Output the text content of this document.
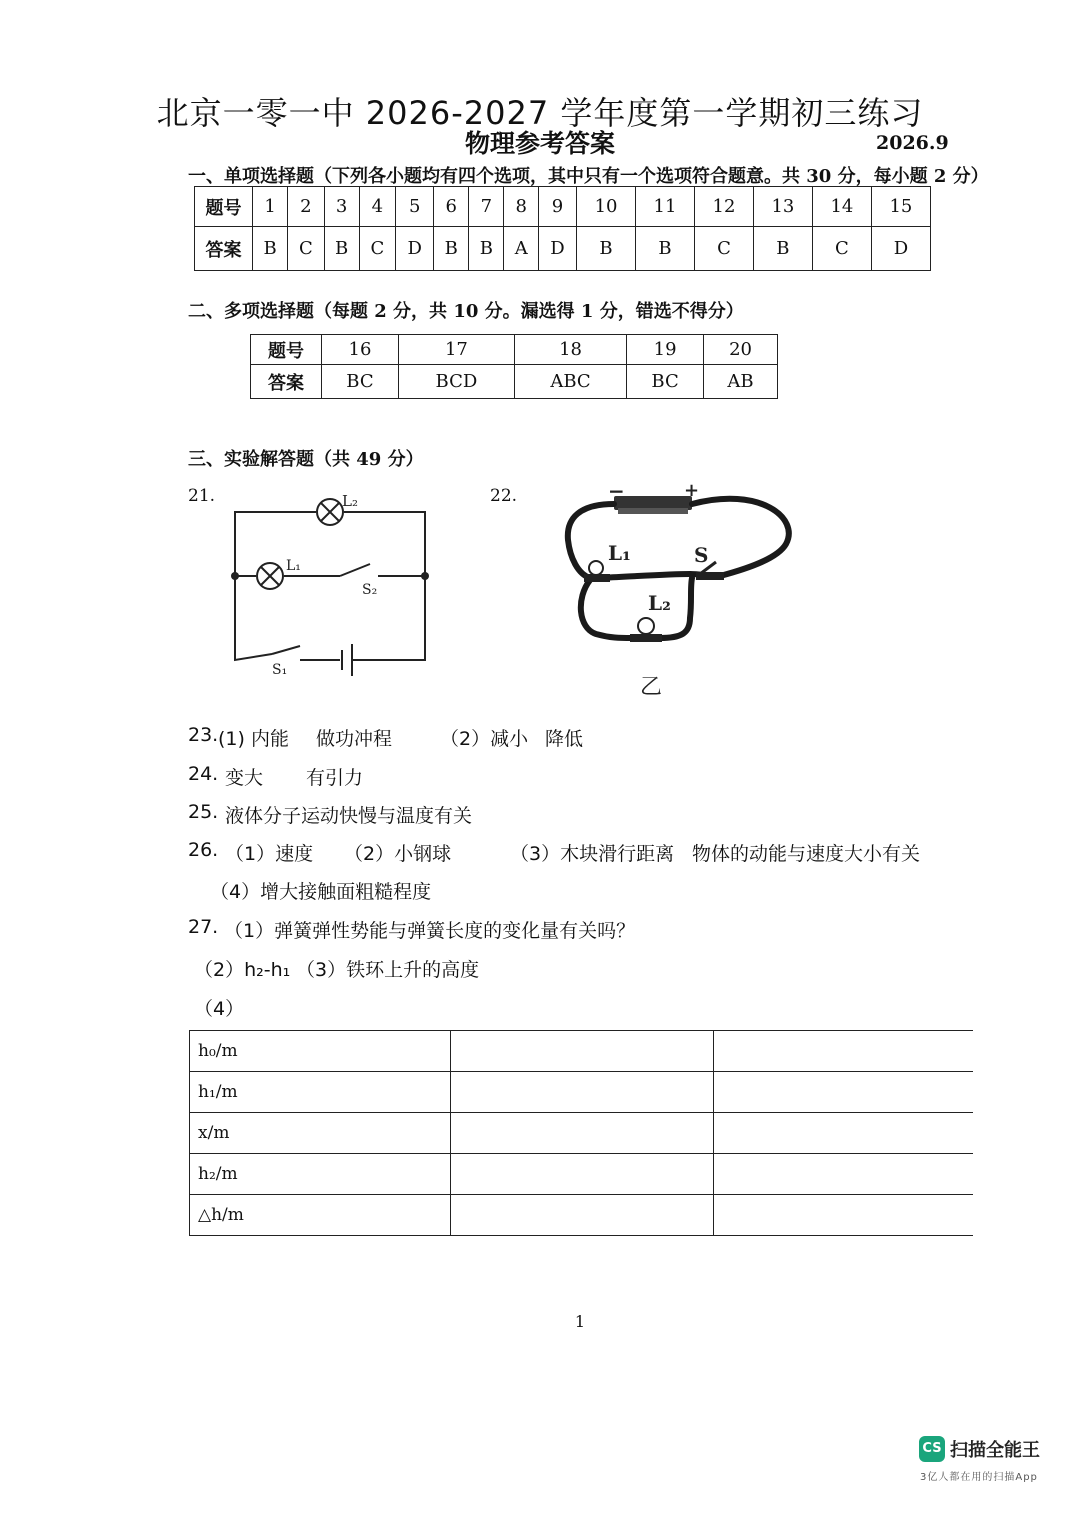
北京一零一中 2026-2027 学年度第一学期初三练习
物理参考答案	2026.9
一、单项选择题（下列各小题均有四个选项，其中只有一个选项符合题意。共 30 分，每小题 2 分）
题号	1	2	3	4	5	6	7	8	9	10	11	12	13	14	15
答案	B	C	B	C	D	B	B	A	D	B	B	C	B	C	D
二、多项选择题（每题 2 分，共 10 分。漏选得 1 分，错选不得分）
题号	16	17	18	19	20
答案	BC	BCD	ABC	BC	AB
三、实验解答题（共 49 分）
21.	L₂
L₁
S₂
S₁
22.	−	+
L₁	S
L₂
乙
23. (1) 内能 做功冲程	（2）减小 降低
24. 变大 有引力
25. 液体分子运动快慢与温度有关
26. （1）速度 （2）小钢球	（3）木块滑行距离 物体的动能与速度大小有关
（4）增大接触面粗糙程度
27. （1）弹簧弹性势能与弹簧长度的变化量有关吗？
（2）h₂-h₁ （3）铁环上升的高度
（4）
h₀/m		
h₁/m		
x/m		
h₂/m		
△h/m		
1
CS 扫描全能王
3亿人都在用的扫描App
